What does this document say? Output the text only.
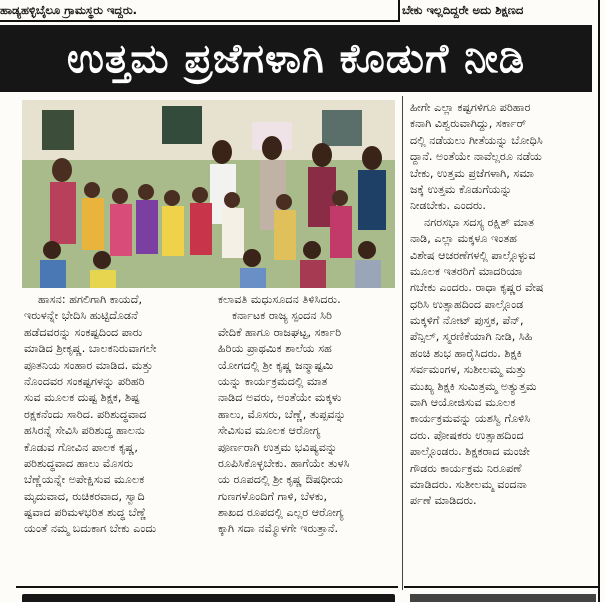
ಹಾಡ್ಯಹಳ್ಳಿಬೈಲೂ ಗ್ರಾಮಸ್ಥರು ಇದ್ದರು.	ಬೇಕು ಇಲ್ಲದಿದ್ದರೇ ಅದು ಶಿಕ್ಷಣದ
ಉತ್ತಮ ಪ್ರಜೆಗಳಾಗಿ ಕೊಡುಗೆ ನೀಡಿ
ಹಾಸನ: ಹಗಲಿಗಾಗಿ ಕಾಯದೆ,
ಇರುಳನ್ನೇ ಭೇದಿಸಿ ಹುಟ್ಟಿದೊಡನೆ
ಹಡೆದವರನ್ನು ಸಂಕಷ್ಟದಿಂದ ಪಾರು
ಮಾಡಿದ ಶ್ರೀಕೃಷ್ಣ. ಬಾಲಕನಿರುವಾಗಲೇ
ಪೂತನಿಯ ಸಂಹಾರ ಮಾಡಿದ. ಮತ್ತು
ನೊಂದವರ ಸಂಕಷ್ಟಗಳನ್ನು ಪರಿಹರಿ
ಸುವ ಮೂಲಕ ದುಷ್ಟ ಶಿಕ್ಷಕ, ಶಿಷ್ಟ
ರಕ್ಷಕನೆಂದು ಸಾರಿದ. ಪರಿಶುದ್ಧವಾದ
ಹಸಿರನ್ನೆ ಸೇವಿಸಿ ಪರಿಶುದ್ಧ ಹಾಲನು
ಕೊಡುವ ಗೋವಿನ ಪಾಲಕ ಕೃಷ್ಣ,
ಪರಿಶುದ್ಧವಾದ ಹಾಲು ಮೊಸರು
ಬೆಣ್ಣೆಯನ್ನೇ ಅಪೇಕ್ಷಿಸುವ ಮೂಲಕ
ಮೃದುವಾದ, ರುಚಿಕರವಾದ, ಸ್ವಾದಿ
ಷ್ಟವಾದ ಪರಿಮಳಭರಿತ ಶುದ್ಧ ಬೆಣ್ಣೆ
ಯಂತೆ ನಮ್ಮ ಬದುಕಾಗ ಬೇಕು ಎಂದು
ಕಲಾವತಿ ಮಧುಸೂದನ ತಿಳಿಸಿದರು.
ಕರ್ನಾಟಕ ರಾಜ್ಯ ಸ್ಪಂದನ ಸಿರಿ
ವೇದಿಕೆ ಹಾಗೂ ರಾಜಘಟ್ಟ, ಸರ್ಕಾರಿ
ಹಿರಿಯ ಪ್ರಾಥಮಿಕ ಶಾಲೆಯ ಸಹ
ಯೋಗದಲ್ಲಿ ಶ್ರೀ ಕೃಷ್ಣ ಜನ್ಮಾಷ್ಟಮಿ
ಯನ್ನು ಕಾರ್ಯಕ್ರಮದಲ್ಲಿ ಮಾತ
ನಾಡಿದ ಅವರು, ಅಂತೆಯೇ ಮಕ್ಕಳು
ಹಾಲು, ಮೊಸರು, ಬೆಣ್ಣೆ, ತುಪ್ಪವನ್ನು
ಸೇವಿಸುವ ಮೂಲಕ ಆರೋಗ್ಯ
ಪೂರ್ಣರಾಗಿ ಉತ್ತಮ ಭವಿಷ್ಯವನ್ನು
ರೂಪಿಸಿಕೊಳ್ಳಬೇಕು. ಹಾಗೆಯೇ ತುಳಸಿ
ಯ ರೂಪದಲ್ಲಿ ಶ್ರೀ ಕೃಷ್ಣ ಔಷಧೀಯ
ಗುಣಗಳೊಂದಿಗೆ ಗಾಳಿ, ಬೆಳಕು,
ಶಾಖದ ರೂಪದಲ್ಲಿ ಎಲ್ಲರ ಆರೋಗ್ಯ
ಕ್ಕಾಗಿ ಸದಾ ನಮ್ಮೊಳಗೇ ಇರುತ್ತಾನೆ.
ಹೀಗೇ ಎಲ್ಲಾ ಕಷ್ಟಗಳಿಗೂ ಪರಿಹಾರ
ಕನಾಗಿ ವಿಶ್ವರುವಾಗಿದ್ದು, ಸರ್ಕಾರ್
ದಲ್ಲಿ ನಡೆಯಲು ಗೀತೆಯನ್ನು ಬೋಧಿಸಿ
ದ್ದಾನೆ. ಅಂತೆಯೇ ನಾವೆಲ್ಲರೂ ನಡೆಯ
ಬೇಕು, ಉತ್ತಮ ಪ್ರಜೆಗಳಾಗಿ, ಸಮಾ
ಜಕ್ಕೆ ಉತ್ತಮ ಕೊಡುಗೆಯನ್ನು
ನೀಡಬೇಕು. ಎಂದರು.
ನಗರಸಭಾ ಸದಸ್ಯ ರಕ್ಷಿತ್ ಮಾತ
ನಾಡಿ, ಎಲ್ಲಾ ಮಕ್ಕಳೂ ಇಂತಹ
ವಿಶೇಷ ಆಚರಣೆಗಳಲ್ಲಿ ಪಾಲ್ಗೊಳ್ಳುವ
ಮೂಲಕ ಇತರರಿಗೆ ಮಾದರಿಯಾ
ಗಬೇಕು ಎಂದರು. ರಾಧಾ ಕೃಷ್ಣರ ವೇಷ
ಧರಿಸಿ ಉತ್ಸಾಹದಿಂದ ಪಾಲ್ಗೊಂಡ
ಮಕ್ಕಳಿಗೆ ನೋಟ್ ಪುಸ್ತಕ, ಪೆನ್,
ಪೆನ್ಸಿಲ್, ಸ್ಮರಣಿಕೆಯಾಗಿ ನೀಡಿ, ಸಿಹಿ
ಹಂಚಿ ಶುಭ ಹಾರೈಸಿದರು. ಶಿಕ್ಷಕಿ
ಸರ್ವಮಂಗಳ, ಸುಶೀಲಮ್ಮ ಮತ್ತು
ಮುಖ್ಯ ಶಿಕ್ಷಕಿ ಸುಮಿತ್ರಮ್ಮ ಅತ್ಯುತ್ತಮ
ವಾಗಿ ಆಯೋಜಿಸುವ ಮೂಲಕ
ಕಾರ್ಯಕ್ರಮವನ್ನು ಯಶಸ್ವಿ ಗೊಳಿಸಿ
ದರು. ಪೋಷಕರು ಉತ್ಸಾಹದಿಂದ
ಪಾಲ್ಗೊಂಡರು. ಶಿಕ್ಷಕರಾದ ಮಂಜೇ
ಗೌಡರು ಕಾರ್ಯಕ್ರಮ ನಿರೂಪಣೆ
ಮಾಡಿದರು. ಸುಶೀಲಮ್ಮ ವಂದನಾ
ರ್ಪಣೆ ಮಾಡಿದರು.
